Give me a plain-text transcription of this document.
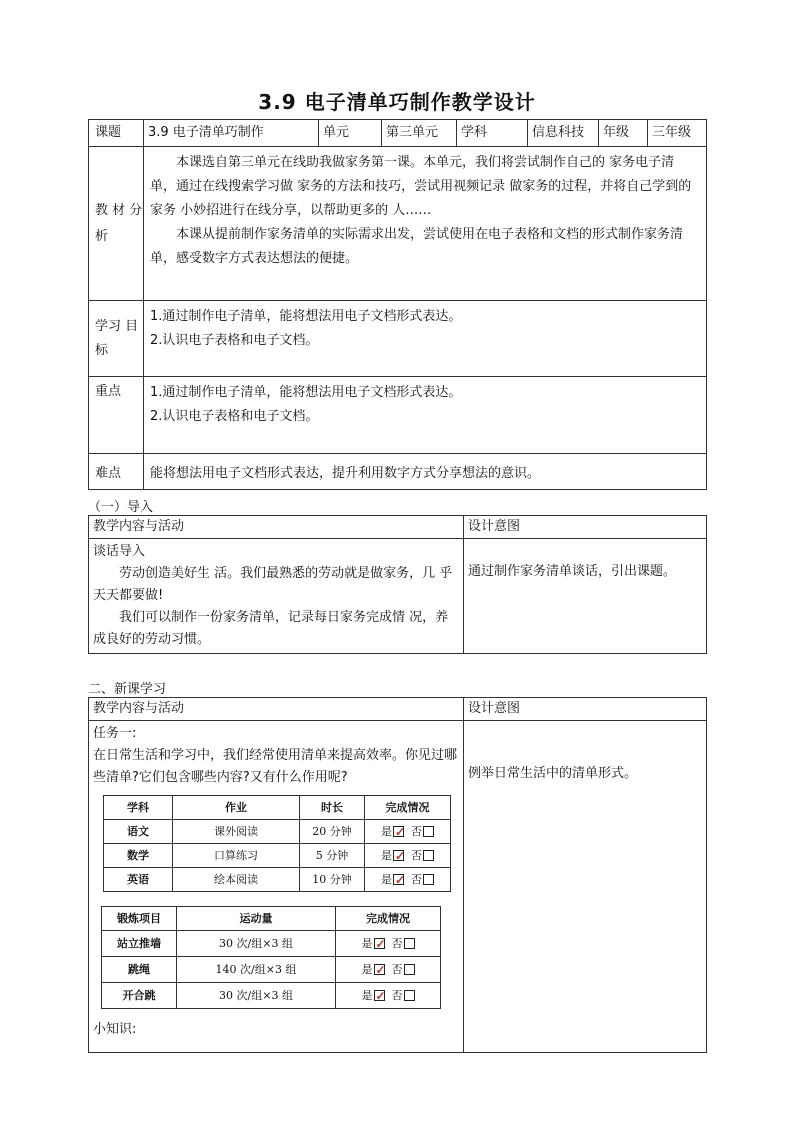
3.9 电子清单巧制作教学设计
课题	3.9 电子清单巧制作	单元	第三单元	学科	信息科技	年级	三年级
教 材 分析	本课选自第三单元在线助我做家务第一课。本单元，我们将尝试制作自己的 家务电子清单，通过在线搜索学习做 家务的方法和技巧，尝试用视频记录 做家务的过程，并将自己学到的家务 小妙招进行在线分享，以帮助更多的 人……
本课从提前制作家务清单的实际需求出发，尝试使用在电子表格和文档的形式制作家务清单，感受数字方式表达想法的便捷。						

学习 目标	1.通过制作电子清单，能将想法用电子文档形式表达。
2.认识电子表格和电子文档。						

重点	1.通过制作电子清单，能将想法用电子文档形式表达。
2.认识电子表格和电子文档。						

难点	能将想法用电子文档形式表达，提升利用数字方式分享想法的意识。						
（一）导入
教学内容与活动	设计意图

谈话导入
劳动创造美好生 活。我们最熟悉的劳动就是做家务，几 乎天天都要做!
我们可以制作一份家务清单，记录每日家务完成情 况，养成良好的劳动习惯。	通过制作家务清单谈话，引出课题。
二、新课学习
教学内容与活动	设计意图

任务一:
在日常生活和学习中，我们经常使用清单来提高效率。你见过哪些清单?它们包含哪些内容?又有什么作用呢?
学科	作业	时长	完成情况
语文	课外阅读	20 分钟	是 ✓ 否
数学	口算练习	5 分钟	是 ✓ 否
英语	绘本阅读	10 分钟	是 ✓ 否
锻炼项目	运动量	完成情况
站立推墙	30 次/组×3 组	是 ✓ 否
跳绳	140 次/组×3 组	是 ✓ 否
开合跳	30 次/组×3 组	是 ✓ 否
小知识:
	例举日常生活中的清单形式。
